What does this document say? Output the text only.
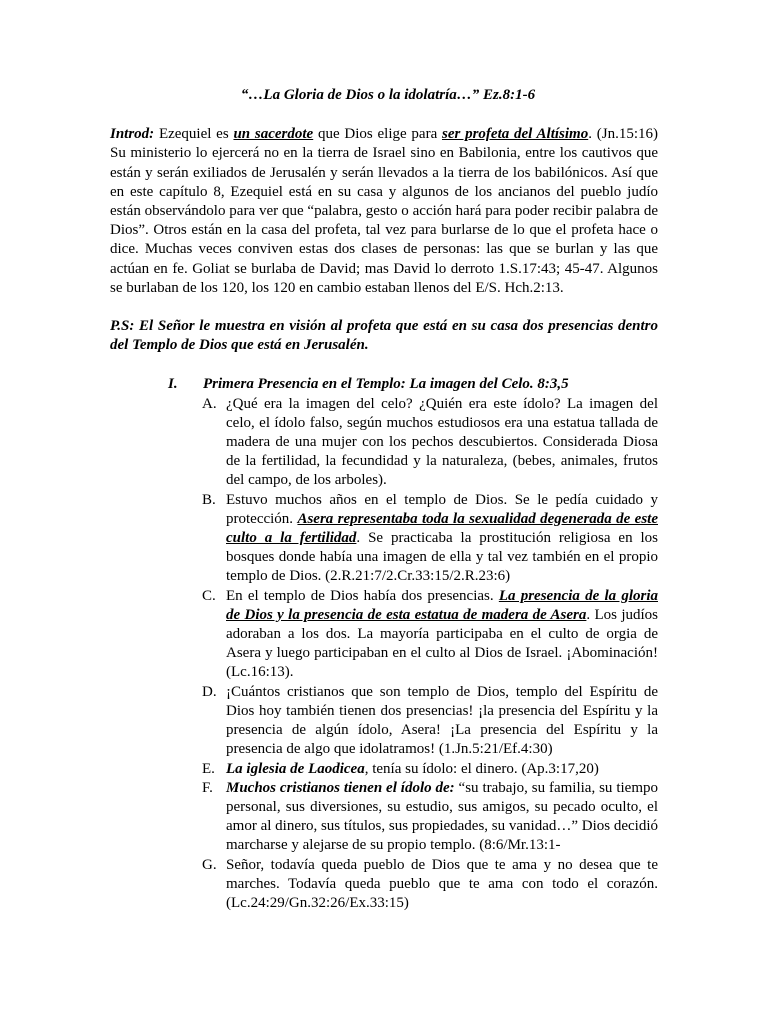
“…La Gloria de Dios o la idolatría…” Ez.8:1-6

Introd: Ezequiel es un sacerdote que Dios elige para ser profeta del Altísimo. (Jn.15:16) Su ministerio lo ejercerá no en la tierra de Israel sino en Babilonia, entre los cautivos que están y serán exiliados de Jerusalén y serán llevados a la tierra de los babilónicos. Así que en este capítulo 8, Ezequiel está en su casa y algunos de los ancianos del pueblo judío están observándolo para ver que “palabra, gesto o acción hará para poder recibir palabra de Dios”. Otros están en la casa del profeta, tal vez para burlarse de lo que el profeta hace o dice. Muchas veces conviven estas dos clases de personas: las que se burlan y las que actúan en fe. Goliat se burlaba de David; mas David lo derroto 1.S.17:43; 45-47. Algunos se burlaban de los 120, los 120 en cambio estaban llenos del E/S. Hch.2:13.

P.S: El Señor le muestra en visión al profeta que está en su casa dos presencias dentro del Templo de Dios que está en Jerusalén.

I. Primera Presencia en el Templo: La imagen del Celo. 8:3,5
A. ¿Qué era la imagen del celo? ¿Quién era este ídolo? La imagen del celo, el ídolo falso, según muchos estudiosos era una estatua tallada de madera de una mujer con los pechos descubiertos. Considerada Diosa de la fertilidad, la fecundidad y la naturaleza, (bebes, animales, frutos del campo, de los arboles).
B. Estuvo muchos años en el templo de Dios. Se le pedía cuidado y protección. Asera representaba toda la sexualidad degenerada de este culto a la fertilidad. Se practicaba la prostitución religiosa en los bosques donde había una imagen de ella y tal vez también en el propio templo de Dios. (2.R.21:7/2.Cr.33:15/2.R.23:6)
C. En el templo de Dios había dos presencias. La presencia de la gloria de Dios y la presencia de esta estatua de madera de Asera. Los judíos adoraban a los dos. La mayoría participaba en el culto de orgia de Asera y luego participaban en el culto al Dios de Israel. ¡Abominación! (Lc.16:13).
D. ¡Cuántos cristianos que son templo de Dios, templo del Espíritu de Dios hoy también tienen dos presencias! ¡la presencia del Espíritu y la presencia de algún ídolo, Asera! ¡La presencia del Espíritu y la presencia de algo que idolatramos! (1.Jn.5:21/Ef.4:30)
E. La iglesia de Laodicea, tenía su ídolo: el dinero. (Ap.3:17,20)
F. Muchos cristianos tienen el ídolo de: “su trabajo, su familia, su tiempo personal, sus diversiones, su estudio, sus amigos, su pecado oculto, el amor al dinero, sus títulos, sus propiedades, su vanidad…” Dios decidió marcharse y alejarse de su propio templo. (8:6/Mr.13:1-
G. Señor, todavía queda pueblo de Dios que te ama y no desea que te marches. Todavía queda pueblo que te ama con todo el corazón. (Lc.24:29/Gn.32:26/Ex.33:15)
